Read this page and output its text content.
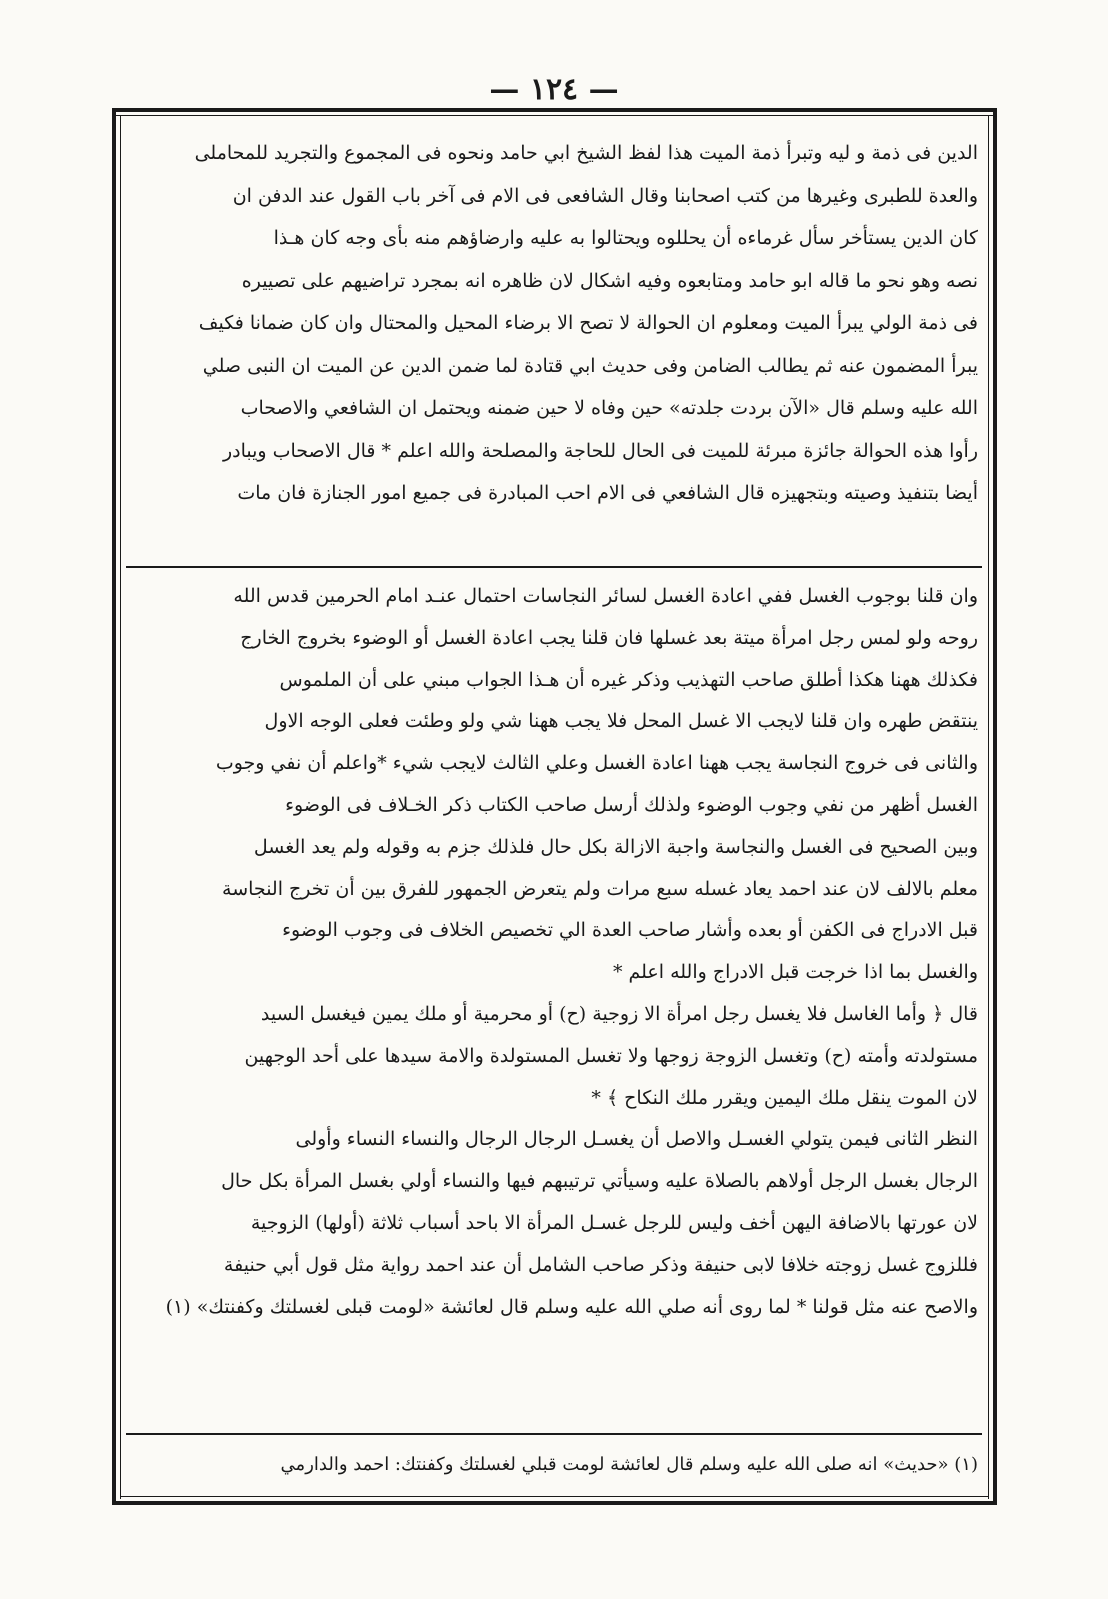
— ١٢٤ —
الدين فى ذمة و ليه وتبرأ ذمة الميت هذا لفظ الشيخ ابي حامد ونحوه فى المجموع والتجريد للمحاملى
والعدة للطبرى وغيرها من كتب اصحابنا وقال الشافعى فى الام فى آخر باب القول عند الدفن ان
كان الدين يستأخر سأل غرماءه أن يحللوه ويحتالوا به عليه وارضاؤهم منه بأى وجه كان هـذا
نصه وهو نحو ما قاله ابو حامد ومتابعوه وفيه اشكال لان ظاهره انه بمجرد تراضيهم على تصييره
فى ذمة الولي يبرأ الميت ومعلوم ان الحوالة لا تصح الا برضاء المحيل والمحتال وان كان ضمانا فكيف
يبرأ المضمون عنه ثم يطالب الضامن وفى حديث ابي قتادة لما ضمن الدين عن الميت ان النبى صلي
الله عليه وسلم قال «الآن بردت جلدته» حين وفاه لا حين ضمنه ويحتمل ان الشافعي والاصحاب
رأوا هذه الحوالة جائزة مبرئة للميت فى الحال للحاجة والمصلحة والله اعلم * قال الاصحاب ويبادر
أيضا بتنفيذ وصيته وبتجهيزه قال الشافعي فى الام احب المبادرة فى جميع امور الجنازة فان مات
وان قلنا بوجوب الغسل ففي اعادة الغسل لسائر النجاسات احتمال عنـد امام الحرمين قدس الله
روحه ولو لمس رجل امرأة ميتة بعد غسلها فان قلنا يجب اعادة الغسل أو الوضوء بخروج الخارج
فكذلك ههنا هكذا أطلق صاحب التهذيب وذكر غيره أن هـذا الجواب مبني على أن الملموس
ينتقض طهره وان قلنا لايجب الا غسل المحل فلا يجب ههنا شي ولو وطئت فعلى الوجه الاول
والثانى فى خروج النجاسة يجب ههنا اعادة الغسل وعلي الثالث لايجب شيء *واعلم أن نفي وجوب
الغسل أظهر من نفي وجوب الوضوء ولذلك أرسل صاحب الكتاب ذكر الخـلاف فى الوضوء
وبين الصحيح فى الغسل والنجاسة واجبة الازالة بكل حال فلذلك جزم به وقوله ولم يعد الغسل
معلم بالالف لان عند احمد يعاد غسله سبع مرات ولم يتعرض الجمهور للفرق بين أن تخرج النجاسة
قبل الادراج فى الكفن أو بعده وأشار صاحب العدة الي تخصيص الخلاف فى وجوب الوضوء
والغسل بما اذا خرجت قبل الادراج والله اعلم *
قال ﴿ وأما الغاسل فلا يغسل رجل امرأة الا زوجية (ح) أو محرمية أو ملك يمين فيغسل السيد
مستولدته وأمته (ح) وتغسل الزوجة زوجها ولا تغسل المستولدة والامة سيدها على أحد الوجهين
لان الموت ينقل ملك اليمين ويقرر ملك النكاح ﴾ *
النظر الثانى فيمن يتولي الغسـل والاصل أن يغسـل الرجال الرجال والنساء النساء وأولى
الرجال بغسل الرجل أولاهم بالصلاة عليه وسيأتي ترتيبهم فيها والنساء أولي بغسل المرأة بكل حال
لان عورتها بالاضافة اليهن أخف وليس للرجل غسـل المرأة الا باحد أسباب ثلاثة (أولها) الزوجية
فللزوج غسل زوجته خلافا لابى حنيفة وذكر صاحب الشامل أن عند احمد رواية مثل قول أبي حنيفة
والاصح عنه مثل قولنا * لما روى أنه صلي الله عليه وسلم قال لعائشة «لومت قبلى لغسلتك وكفنتك» (١)
(١) «حديث» انه صلى الله عليه وسلم قال لعائشة لومت قبلي لغسلتك وكفنتك: احمد والدارمي
